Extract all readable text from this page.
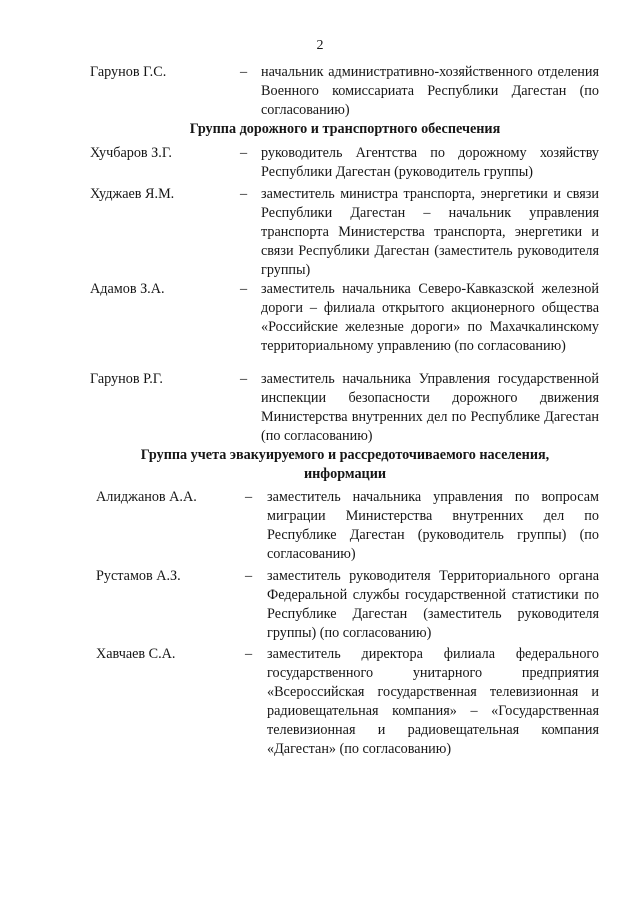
2
Гарунов Г.С.	– начальник административно-хозяйственного отделения Военного комиссариата Республики Дагестан (по согласованию)
Группа дорожного и транспортного обеспечения
Хучбаров З.Г.	– руководитель Агентства по дорожному хозяйству Республики Дагестан (руководитель группы)
Худжаев Я.М.	– заместитель министра транспорта, энергетики и связи Республики Дагестан – начальник управления транспорта Министерства транспорта, энергетики и связи Республики Дагестан (заместитель руководителя группы)
Адамов З.А.	– заместитель начальника Северо-Кавказской железной дороги – филиала открытого акционерного общества «Российские железные дороги» по Махачкалинскому территориальному управлению (по согласованию)
Гарунов Р.Г.	– заместитель начальника Управления государственной инспекции безопасности дорожного движения Министерства внутренних дел по Республике Дагестан (по согласованию)
Группа учета эвакуируемого и рассредоточиваемого населения, информации
Алиджанов А.А.	– заместитель начальника управления по вопросам миграции Министерства внутренних дел по Республике Дагестан (руководитель группы) (по согласованию)
Рустамов А.З.	– заместитель руководителя Территориального органа Федеральной службы государственной статистики по Республике Дагестан (заместитель руководителя группы) (по согласованию)
Хавчаев С.А.	– заместитель директора филиала федерального государственного унитарного предприятия «Всероссийская государственная телевизионная и радиовещательная компания» – «Государственная телевизионная и радиовещательная компания «Дагестан» (по согласованию)
